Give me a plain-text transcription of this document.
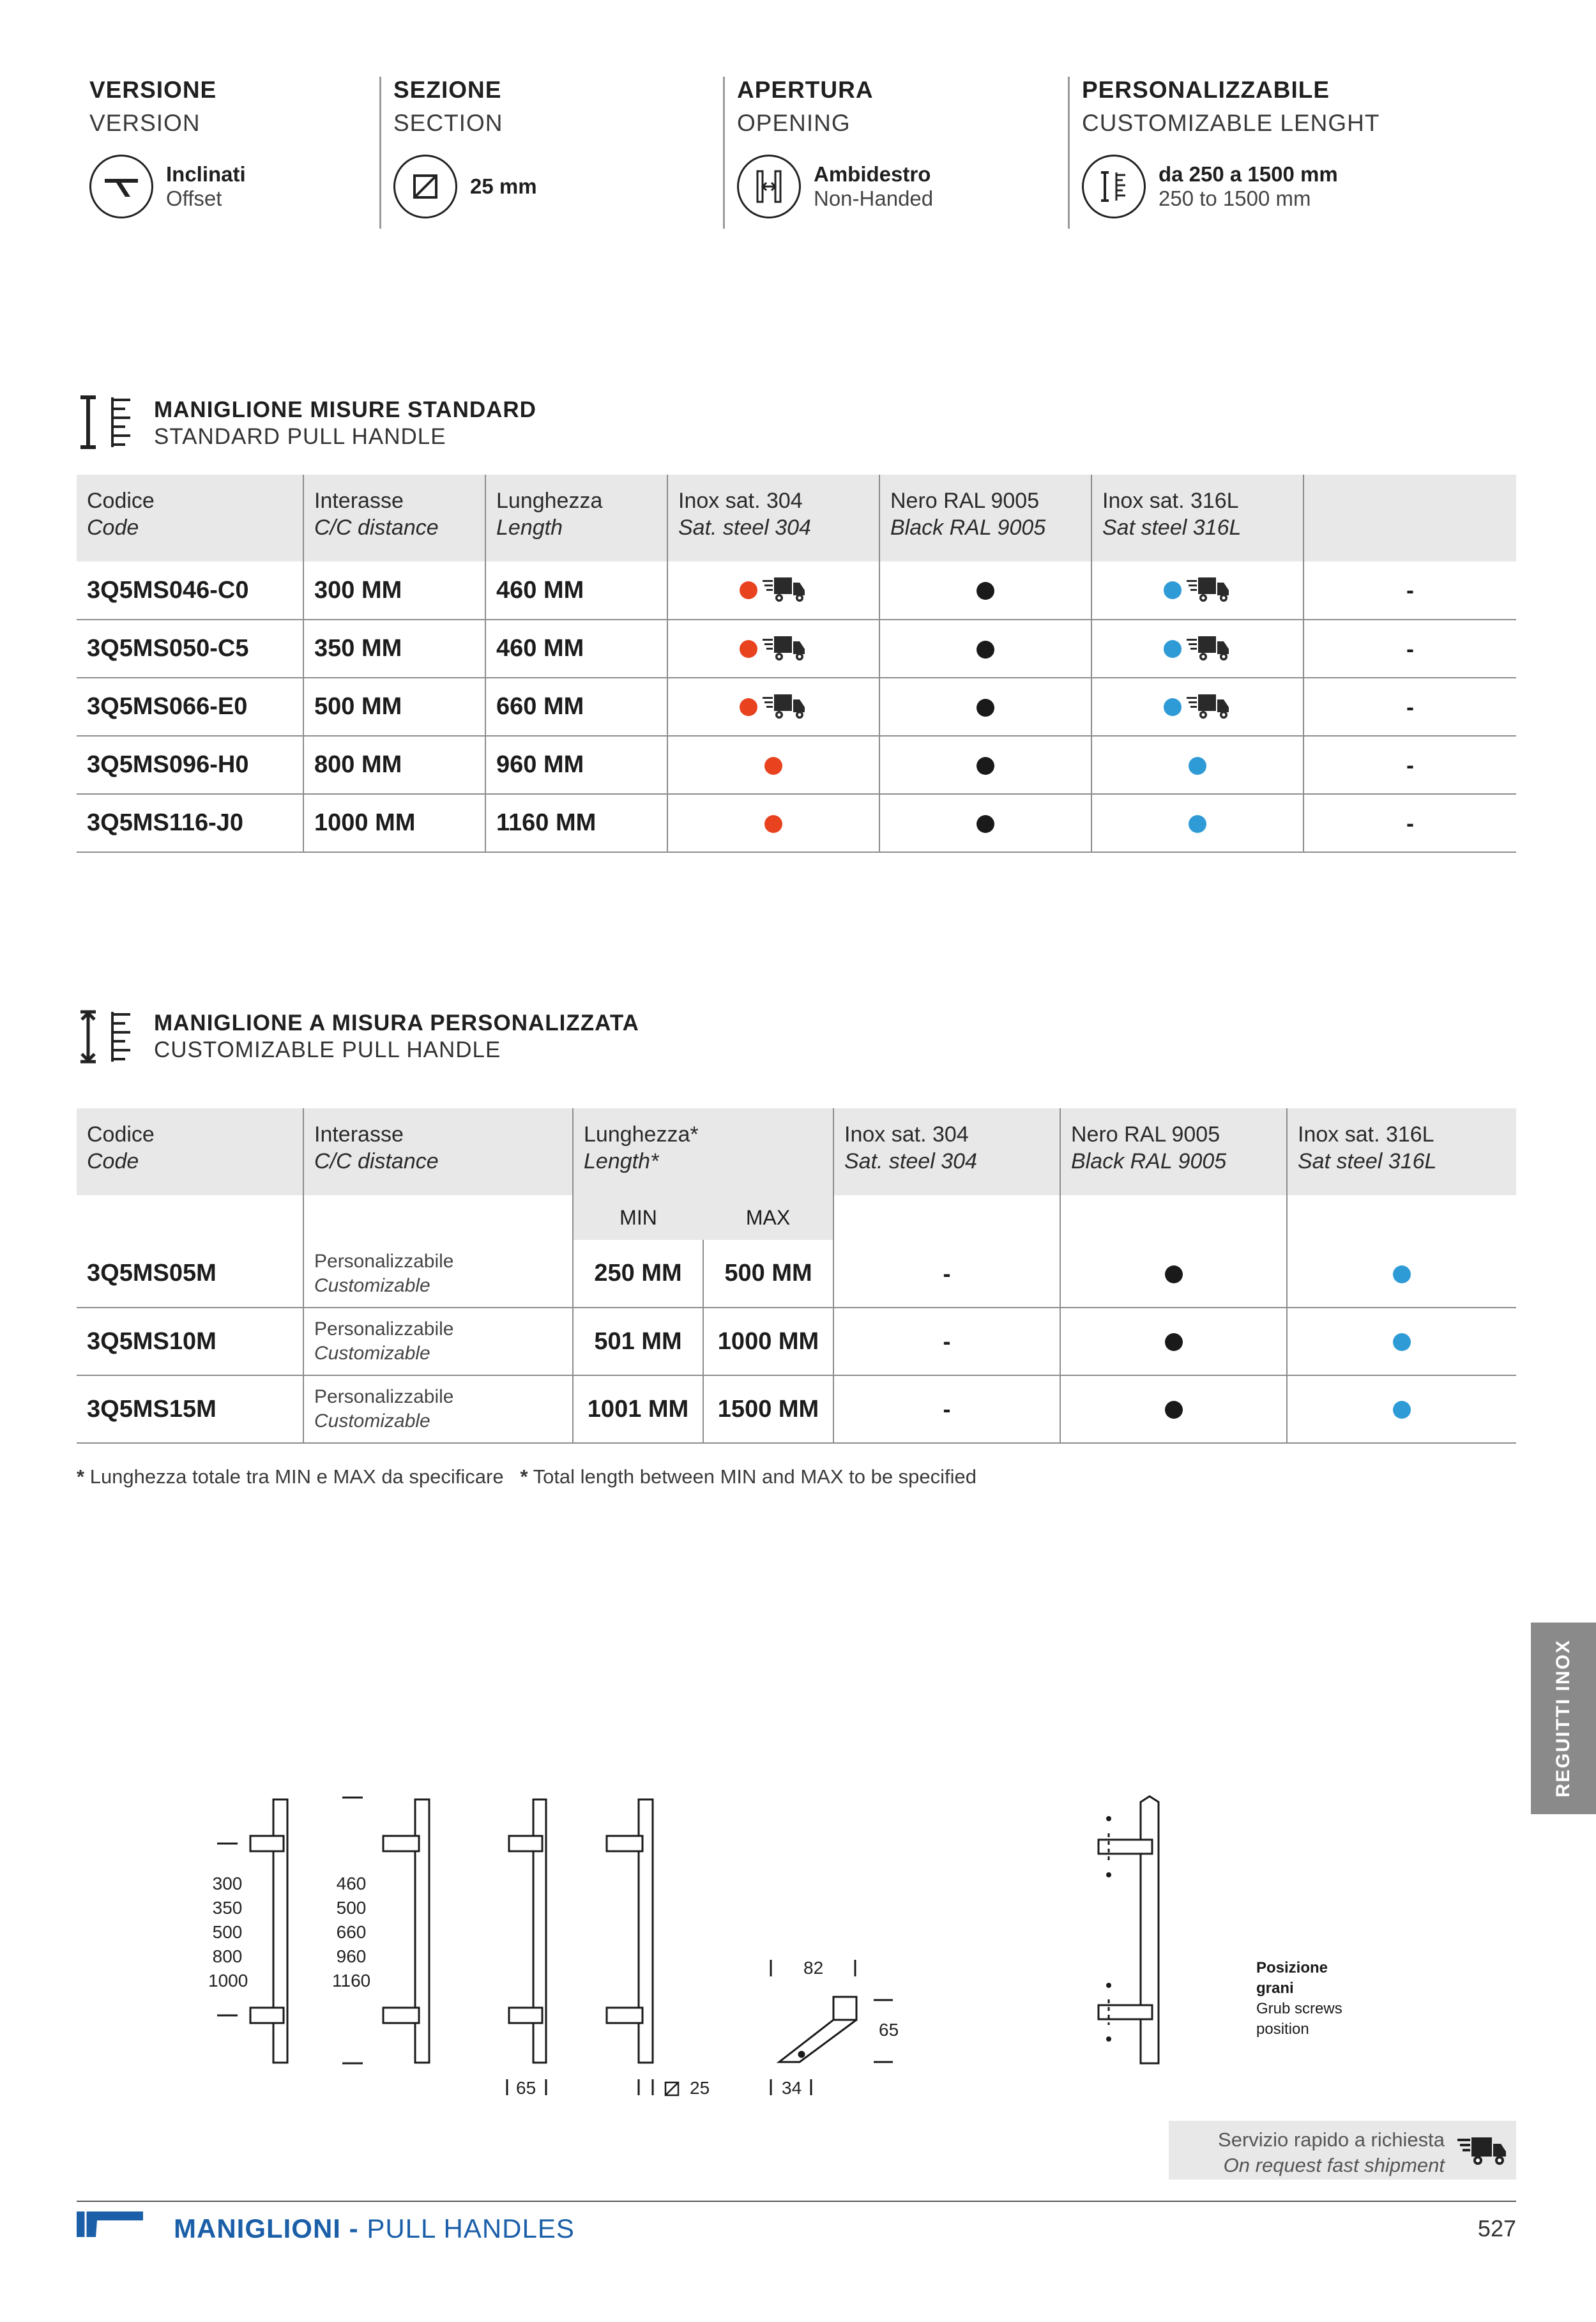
VERSIONE
VERSION
Inclinati
Offset
SEZIONE
SECTION
25 mm
APERTURA
OPENING
Ambidestro
Non-Handed
PERSONALIZZABILE
CUSTOMIZABLE LENGHT
da 250 a 1500 mm
250 to 1500 mm
MANIGLIONE MISURE STANDARD
STANDARD PULL HANDLE
Codice
Code	Interasse
C/C distance	Lunghezza
Length	Inox sat. 304
Sat. steel 304	Nero RAL 9005
Black RAL 9005	Inox sat. 316L
Sat steel 316L	
3Q5MS046-C0	300 MM	460 MM				-
3Q5MS050-C5	350 MM	460 MM				-
3Q5MS066-E0	500 MM	660 MM				-
3Q5MS096-H0	800 MM	960 MM				-
3Q5MS116-J0	1000 MM	1160 MM				-
MANIGLIONE A MISURA PERSONALIZZATA
CUSTOMIZABLE PULL HANDLE
Codice
Code	Interasse
C/C distance	Lunghezza*
Length*		Inox sat. 304
Sat. steel 304	Nero RAL 9005
Black RAL 9005	Inox sat. 316L
Sat steel 316L
		MIN	MAX			
3Q5MS05M	Personalizzabile
Customizable	250 MM	500 MM	-		
3Q5MS10M	Personalizzabile
Customizable	501 MM	1000 MM	-		
3Q5MS15M	Personalizzabile
Customizable	1001 MM	1500 MM	-		
* Lunghezza totale tra MIN e MAX da specificare * Total length between MIN and MAX to be specified
REGUITTI INOX
300
350
500
800
1000
460
500
660
960
1160
65	25	34
82
65
Posizione
grani
Grub screws
position
Servizio rapido a richiesta
On request fast shipment
MANIGLIONI - PULL HANDLES	527
